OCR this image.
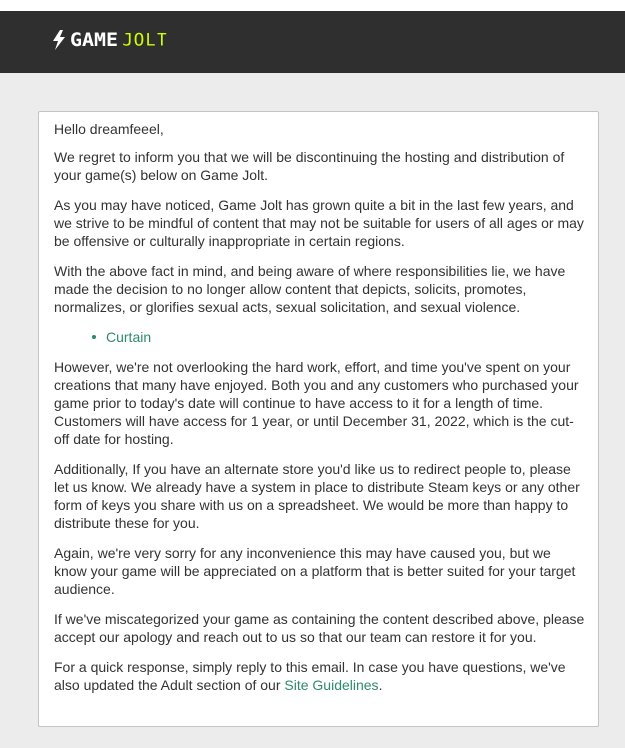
GAME JOLT

Hello dreamfeeel,

We regret to inform you that we will be discontinuing the hosting and distribution of your game(s) below on Game Jolt.

As you may have noticed, Game Jolt has grown quite a bit in the last few years, and we strive to be mindful of content that may not be suitable for users of all ages or may be offensive or culturally inappropriate in certain regions.

With the above fact in mind, and being aware of where responsibilities lie, we have made the decision to no longer allow content that depicts, solicits, promotes, normalizes, or glorifies sexual acts, sexual solicitation, and sexual violence.

Curtain

However, we're not overlooking the hard work, effort, and time you've spent on your creations that many have enjoyed. Both you and any customers who purchased your game prior to today's date will continue to have access to it for a length of time. Customers will have access for 1 year, or until December 31, 2022, which is the cut-off date for hosting.

Additionally, If you have an alternate store you'd like us to redirect people to, please let us know. We already have a system in place to distribute Steam keys or any other form of keys you share with us on a spreadsheet. We would be more than happy to distribute these for you.

Again, we're very sorry for any inconvenience this may have caused you, but we know your game will be appreciated on a platform that is better suited for your target audience.

If we've miscategorized your game as containing the content described above, please accept our apology and reach out to us so that our team can restore it for you.

For a quick response, simply reply to this email. In case you have questions, we've also updated the Adult section of our Site Guidelines.
